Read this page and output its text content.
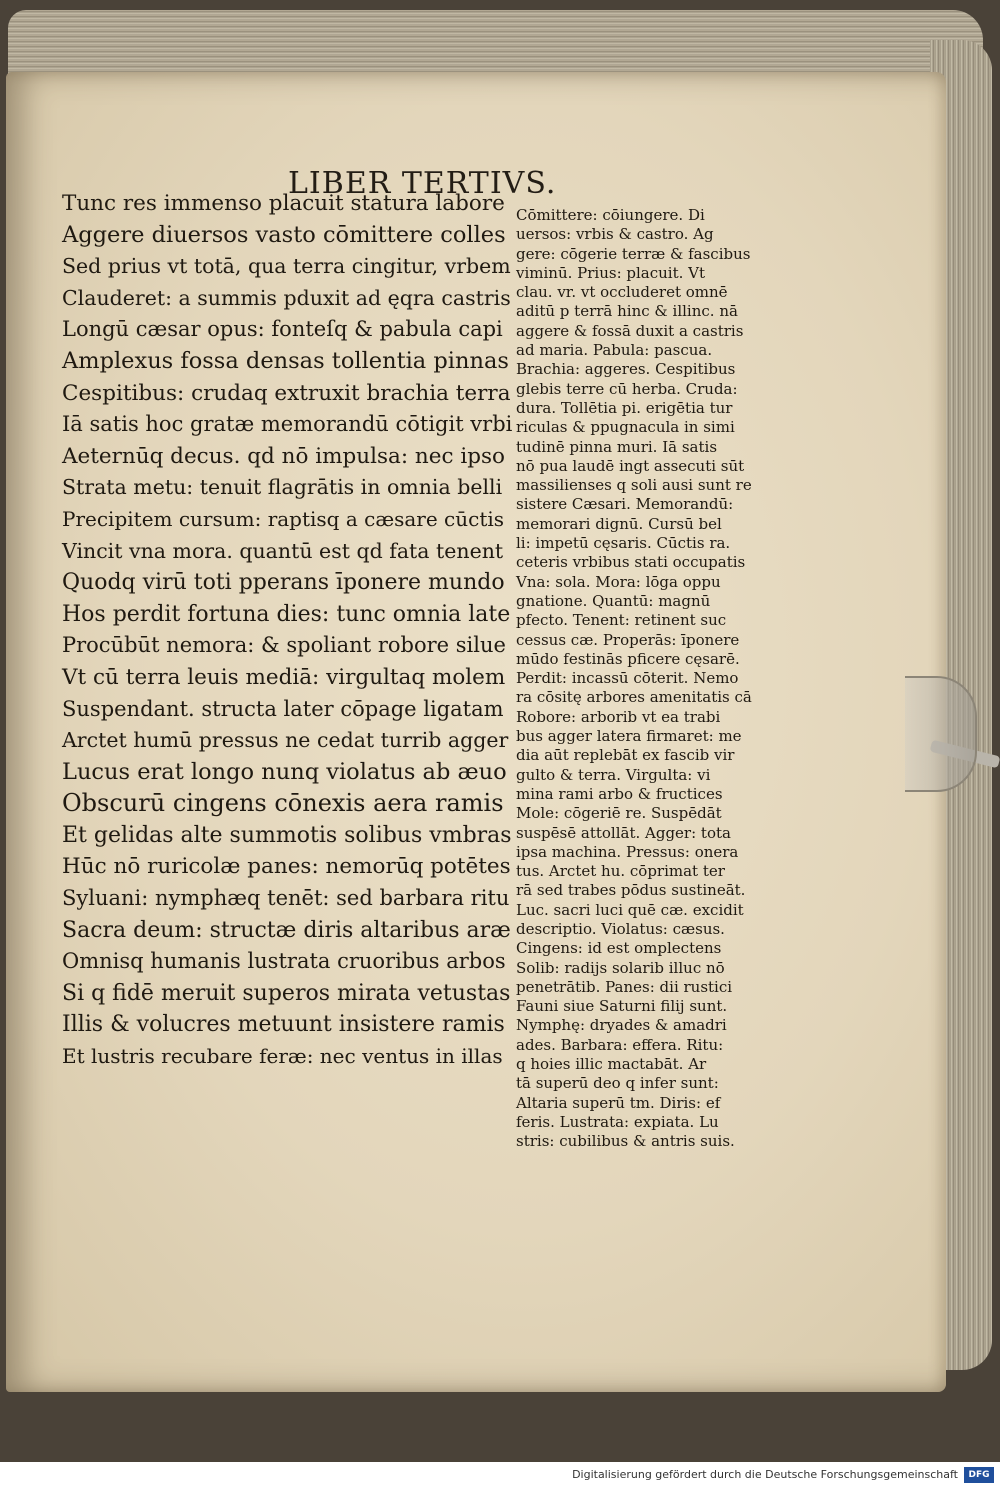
LIBER TERTIVS.
Tunc res immenso placuit statura labore
Aggere diuersos vasto cōmittere colles
Sed prius vt totā, qua terra cingitur, vrbem
Clauderet: a summis pduxit ad ęqra castris
Longū cæsar opus: fonteſq & pabula capi
Amplexus fossa densas tollentia pinnas
Cespitibus: crudaq extruxit brachia terra
Iā satis hoc gratæ memorandū cōtigit vrbi
Aeternūq decus. qd nō impulsa: nec ipso
Strata metu: tenuit flagrātis in omnia belli
Precipitem cursum: raptisq a cæsare cūctis
Vincit vna mora. quantū est qd fata tenent
Quodq virū toti pperans īponere mundo
Hos perdit fortuna dies: tunc omnia late
Procūbūt nemora: & spoliant robore silue
Vt cū terra leuis mediā: virgultaq molem
Suspendant. structa later cōpage ligatam
Arctet humū pressus ne cedat turrib agger
Lucus erat longo nunq violatus ab æuo
Obscurū cingens cōnexis aera ramis
Et gelidas alte summotis solibus vmbras
Hūc nō ruricolæ panes: nemorūq potētes
Syluani: nymphæq tenēt: sed barbara ritu
Sacra deum: structæ diris altaribus aræ
Omnisq humanis lustrata cruoribus arbos
Si q fidē meruit superos mirata vetustas
Illis & volucres metuunt insistere ramis
Et lustris recubare feræ: nec ventus in illas
Cōmittere: cōiungere. Di
uersos: vrbis & castro. Ag
gere: cōgerie terræ & fascibus
viminū. Prius: placuit. Vt
clau. vr. vt occluderet omnē
aditū p terrā hinc & illinc. nā
aggere & fossā duxit a castris
ad maria. Pabula: pascua.
Brachia: aggeres. Cespitibus
glebis terre cū herba. Cruda:
dura. Tollētia pi. erigētia tur
riculas & ppugnacula in simi
tudinē pinna muri. Iā satis
nō pua laudē ingt assecuti sūt
massilienses q soli ausi sunt re
sistere Cæsari. Memorandū:
memorari dignū. Cursū bel
li: impetū cęsaris. Cūctis ra.
ceteris vrbibus stati occupatis
Vna: sola. Mora: lōga oppu
gnatione. Quantū: magnū
pfecto. Tenent: retinent suc
cessus cæ. Properās: īponere
mūdo festinās pficere cęsarē.
Perdit: incassū cōterit. Nemo
ra cōsitę arbores amenitatis cā
Robore: arborib vt ea trabi
bus agger latera firmaret: me
dia aūt replebāt ex fascib vir
gulto & terra. Virgulta: vi
mina rami arbo & fructices
Mole: cōgeriē re. Suspēdāt
suspēsē attollāt. Agger: tota
ipsa machina. Pressus: onera
tus. Arctet hu. cōprimat ter
rā sed trabes pōdus sustineāt.
Luc. sacri luci quē cæ. excidit
descriptio. Violatus: cæsus.
Cingens: id est omplectens
Solib: radijs solarib illuc nō
penetrātib. Panes: dii rustici
Fauni siue Saturni filij sunt.
Nymphę: dryades & amadri
ades. Barbara: effera. Ritu:
q hoies illic mactabāt. Ar
tā superū deo q infer sunt:
Altaria superū tm. Diris: ef
feris. Lustrata: expiata. Lu
stris: cubilibus & antris suis.
Digitalisierung gefördert durch die Deutsche Forschungsgemeinschaft	DFG
